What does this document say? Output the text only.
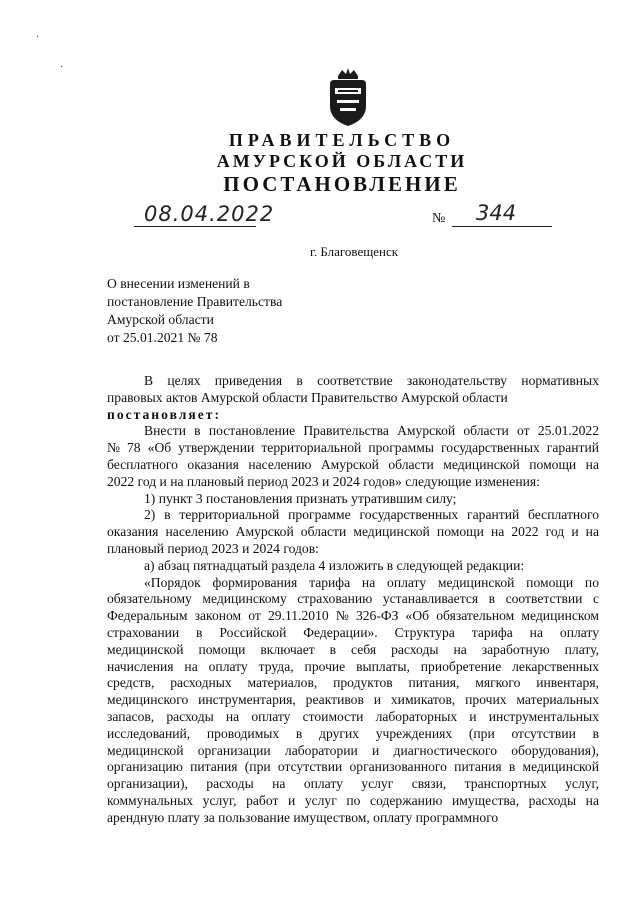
·
·
ПРАВИТЕЛЬСТВО
АМУРСКОЙ ОБЛАСТИ
ПОСТАНОВЛЕНИЕ
08.04.2022	№ 344
г. Благовещенск
О внесении изменений в
постановление Правительства
Амурской области
от 25.01.2021 № 78

В целях приведения в соответствие законодательству нормативных

правовых актов Амурской области Правительство Амурской области

постановляет:

Внести в постановление Правительства Амурской области от 25.01.2022

№ 78 «Об утверждении территориальной программы государственных гарантий

бесплатного оказания населению Амурской области медицинской помощи на

2022 год и на плановый период 2023 и 2024 годов» следующие изменения:

1) пункт 3 постановления признать утратившим силу;

2) в территориальной программе государственных гарантий бесплатного

оказания населению Амурской области медицинской помощи на 2022 год и на

плановый период 2023 и 2024 годов:

а) абзац пятнадцатый раздела 4 изложить в следующей редакции:

«Порядок формирования тарифа на оплату медицинской помощи по

обязательному медицинскому страхованию устанавливается в соответствии с

Федеральным законом от 29.11.2010 № 326-ФЗ «Об обязательном медицинском

страховании в Российской Федерации». Структура тарифа на оплату

медицинской помощи включает в себя расходы на заработную плату,

начисления на оплату труда, прочие выплаты, приобретение лекарственных

средств, расходных материалов, продуктов питания, мягкого инвентаря,

медицинского инструментария, реактивов и химикатов, прочих материальных

запасов, расходы на оплату стоимости лабораторных и инструментальных

исследований, проводимых в других учреждениях (при отсутствии в

медицинской организации лаборатории и диагностического оборудования),

организацию питания (при отсутствии организованного питания в медицинской

организации), расходы на оплату услуг связи, транспортных услуг,

коммунальных услуг, работ и услуг по содержанию имущества, расходы на

арендную плату за пользование имуществом, оплату программного
